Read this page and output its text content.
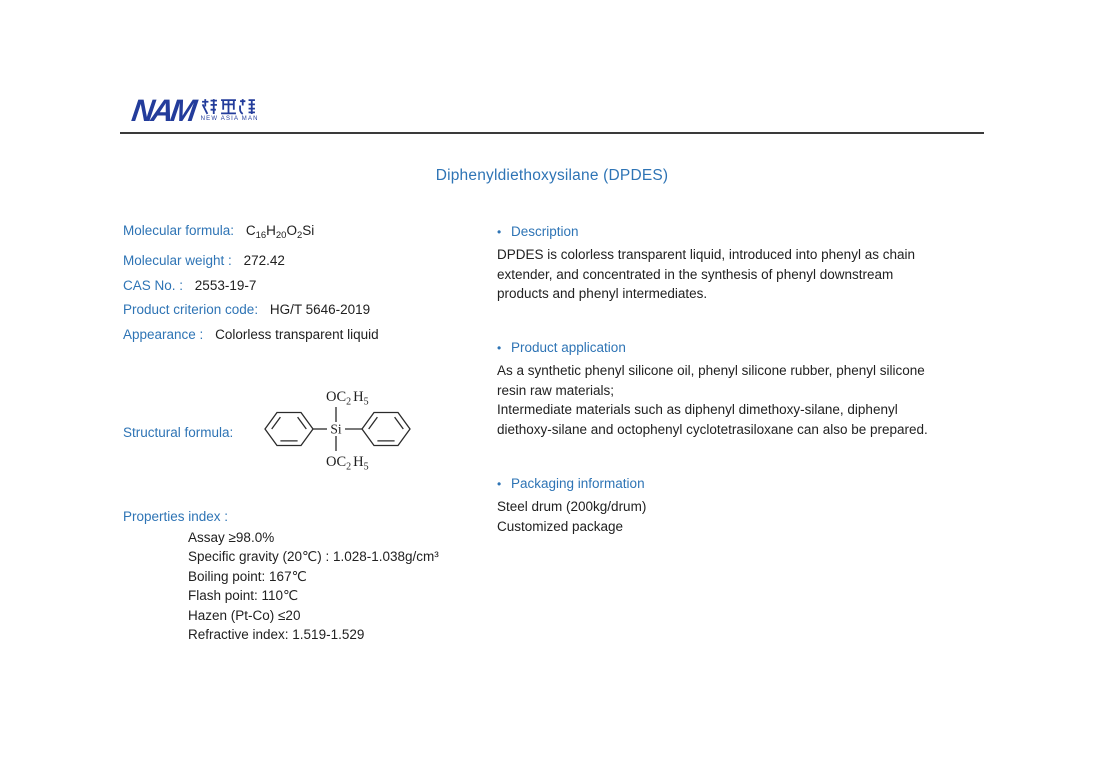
NAM NEW ASIA MAN
Diphenyldiethoxysilane (DPDES)
Molecular formula: $C_{16}H_{20}O_2Si$
Molecular weight : 272.42
CAS No. : 2553-19-7
Product criterion code: HG/T 5646-2019
Appearance : Colorless transparent liquid
Structural formula:	Si
$OC_2$ $H_5$
$OC_2$ $H_5$
Properties index :
Assay ≥98.0%
Specific gravity (20℃) : 1.028-1.038g/cm³
Boiling point: 167℃
Flash point: 110℃
Hazen (Pt-Co) ≤20
Refractive index: 1.519-1.529
• Description
DPDES is colorless transparent liquid, introduced into phenyl as chain
extender, and concentrated in the synthesis of phenyl downstream
products and phenyl intermediates.
• Product application
As a synthetic phenyl silicone oil, phenyl silicone rubber, phenyl silicone
resin raw materials;
Intermediate materials such as diphenyl dimethoxy-silane, diphenyl
diethoxy-silane and octophenyl cyclotetrasiloxane can also be prepared.
• Packaging information
Steel drum (200kg/drum)
Customized package
